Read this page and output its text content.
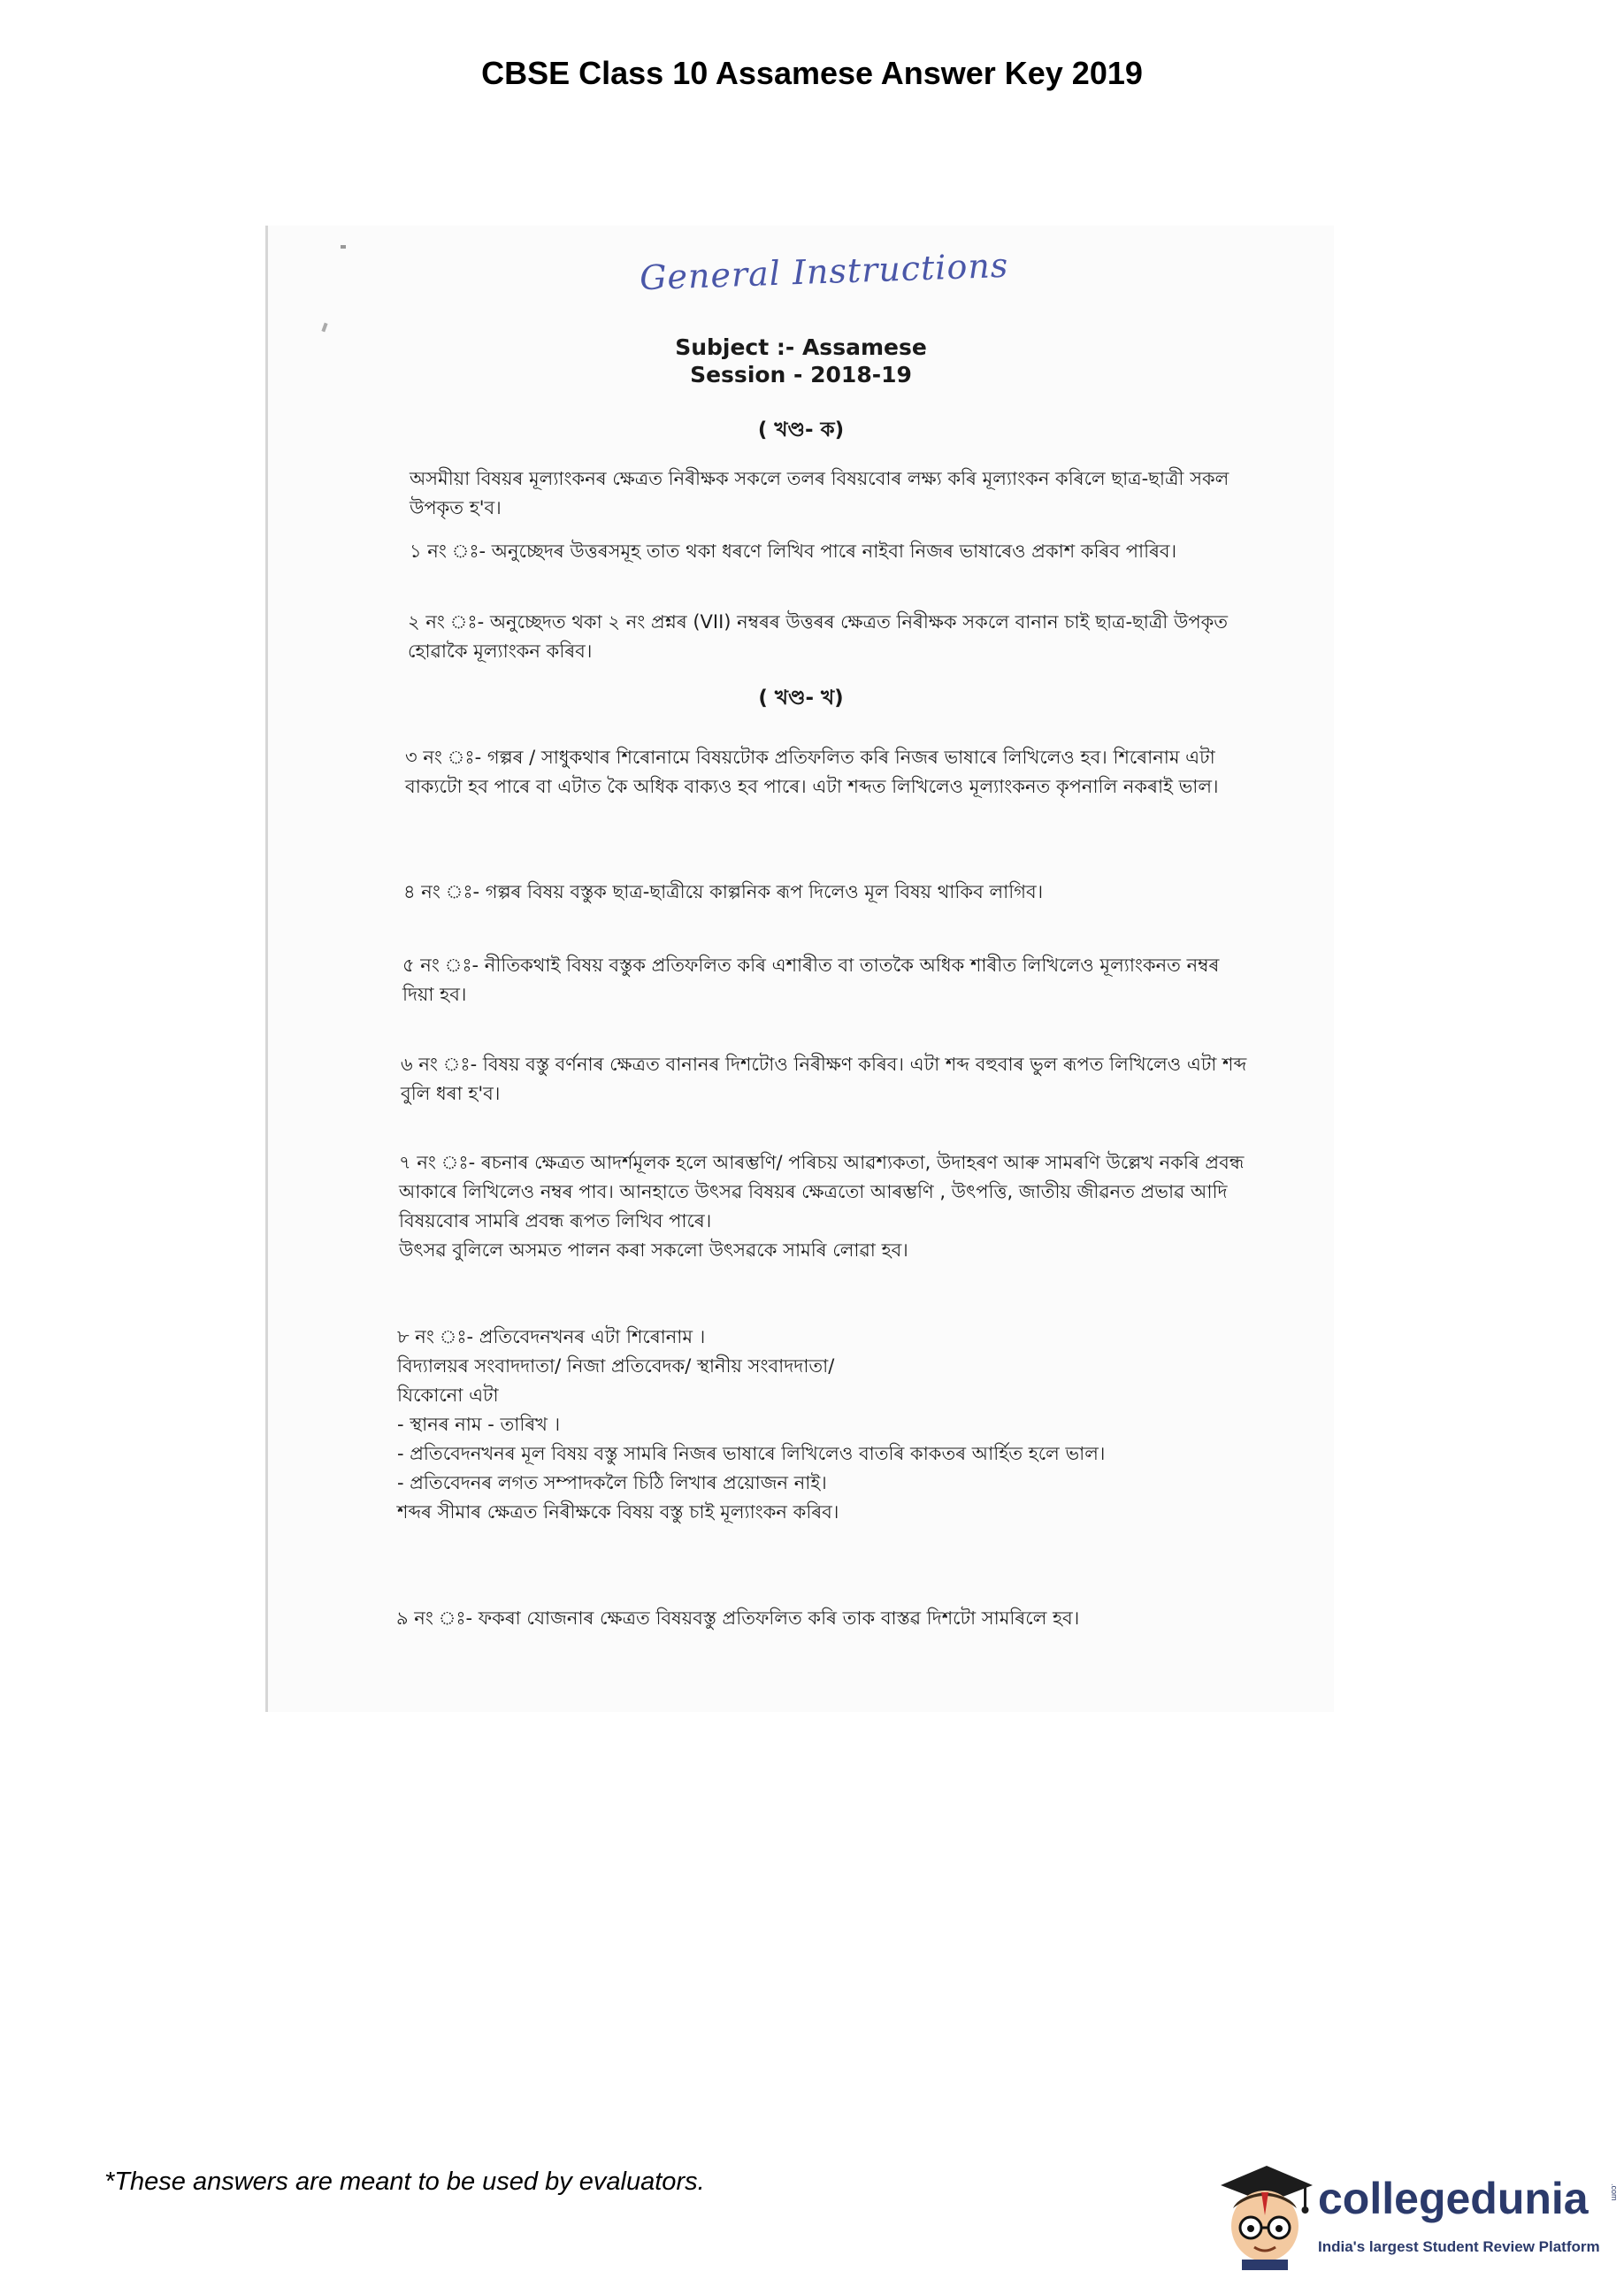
CBSE Class 10 Assamese Answer Key 2019
General Instructions
Subject :- Assamese
Session - 2018-19
( খণ্ড- ক)
অসমীয়া বিষয়ৰ মূল্যাংকনৰ ক্ষেত্ৰত নিৰীক্ষক সকলে তলৰ বিষয়বোৰ লক্ষ্য কৰি মূল্যাংকন কৰিলে ছাত্ৰ-ছাত্ৰী সকল উপকৃত হ'ব।
১ নং ঃ- অনুচ্ছেদৰ উত্তৰসমূহ তাত থকা ধৰণে লিখিব পাৰে নাইবা নিজৰ ভাষাৰেও প্ৰকাশ কৰিব পাৰিব।
২ নং ঃ- অনুচ্ছেদত থকা ২ নং প্ৰশ্নৰ (VII) নম্বৰৰ উত্তৰৰ ক্ষেত্ৰত নিৰীক্ষক সকলে বানান চাই ছাত্ৰ-ছাত্ৰী উপকৃত হোৱাকৈ মূল্যাংকন কৰিব।
( খণ্ড- খ)
৩ নং ঃ- গল্পৰ / সাধুকথাৰ শিৰোনামে বিষয়টোক প্ৰতিফলিত কৰি নিজৰ ভাষাৰে লিখিলেও হব। শিৰোনাম এটা বাক্যটো হব পাৰে বা এটাত কৈ অধিক বাক্যও হব পাৰে। এটা শব্দত লিখিলেও মূল্যাংকনত কৃপনালি নকৰাই ভাল।
৪ নং ঃ- গল্পৰ বিষয় বস্তুক ছাত্ৰ-ছাত্ৰীয়ে কাল্পনিক ৰূপ দিলেও মূল বিষয় থাকিব লাগিব।
৫ নং ঃ- নীতিকথাই বিষয় বস্তুক প্ৰতিফলিত কৰি এশাৰীত বা তাতকৈ অধিক শাৰীত লিখিলেও মূল্যাংকনত নম্বৰ দিয়া হব।
৬ নং ঃ- বিষয় বস্তু বৰ্ণনাৰ ক্ষেত্ৰত বানানৰ দিশটোও নিৰীক্ষণ কৰিব। এটা শব্দ বহুবাৰ ভুল ৰূপত লিখিলেও এটা শব্দ বুলি ধৰা হ'ব।
৭ নং ঃ- ৰচনাৰ ক্ষেত্ৰত আদৰ্শমূলক হলে আৰম্ভণি/ পৰিচয় আৱশ্যকতা, উদাহৰণ আৰু সামৰণি উল্লেখ নকৰি প্ৰবন্ধ আকাৰে লিখিলেও নম্বৰ পাব। আনহাতে উৎসৱ বিষয়ৰ ক্ষেত্ৰতো আৰম্ভণি , উৎপত্তি, জাতীয় জীৱনত প্ৰভাৱ আদি বিষয়বোৰ সামৰি প্ৰবন্ধ ৰূপত লিখিব পাৰে।
উৎসৱ বুলিলে অসমত পালন কৰা সকলো উৎসৱকে সামৰি লোৱা হব।
৮ নং ঃ- প্ৰতিবেদনখনৰ এটা শিৰোনাম ।
বিদ্যালয়ৰ সংবাদদাতা/ নিজা প্ৰতিবেদক/ স্থানীয় সংবাদদাতা/
যিকোনো এটা
- স্থানৰ নাম - তাৰিখ ।
- প্ৰতিবেদনখনৰ মূল বিষয় বস্তু সামৰি নিজৰ ভাষাৰে লিখিলেও বাতৰি কাকতৰ আৰ্হিত হলে ভাল।
- প্ৰতিবেদনৰ লগত সম্পাদকলৈ চিঠি লিখাৰ প্ৰয়োজন নাই।
শব্দৰ সীমাৰ ক্ষেত্ৰত নিৰীক্ষকে বিষয় বস্তু চাই মূল্যাংকন কৰিব।
৯ নং ঃ- ফকৰা যোজনাৰ ক্ষেত্ৰত বিষয়বস্তু প্ৰতিফলিত কৰি তাক বাস্তৱ দিশটো সামৰিলে হব।
*These answers are meant to be used by evaluators.	collegedunia	.com
India's largest Student Review Platform
